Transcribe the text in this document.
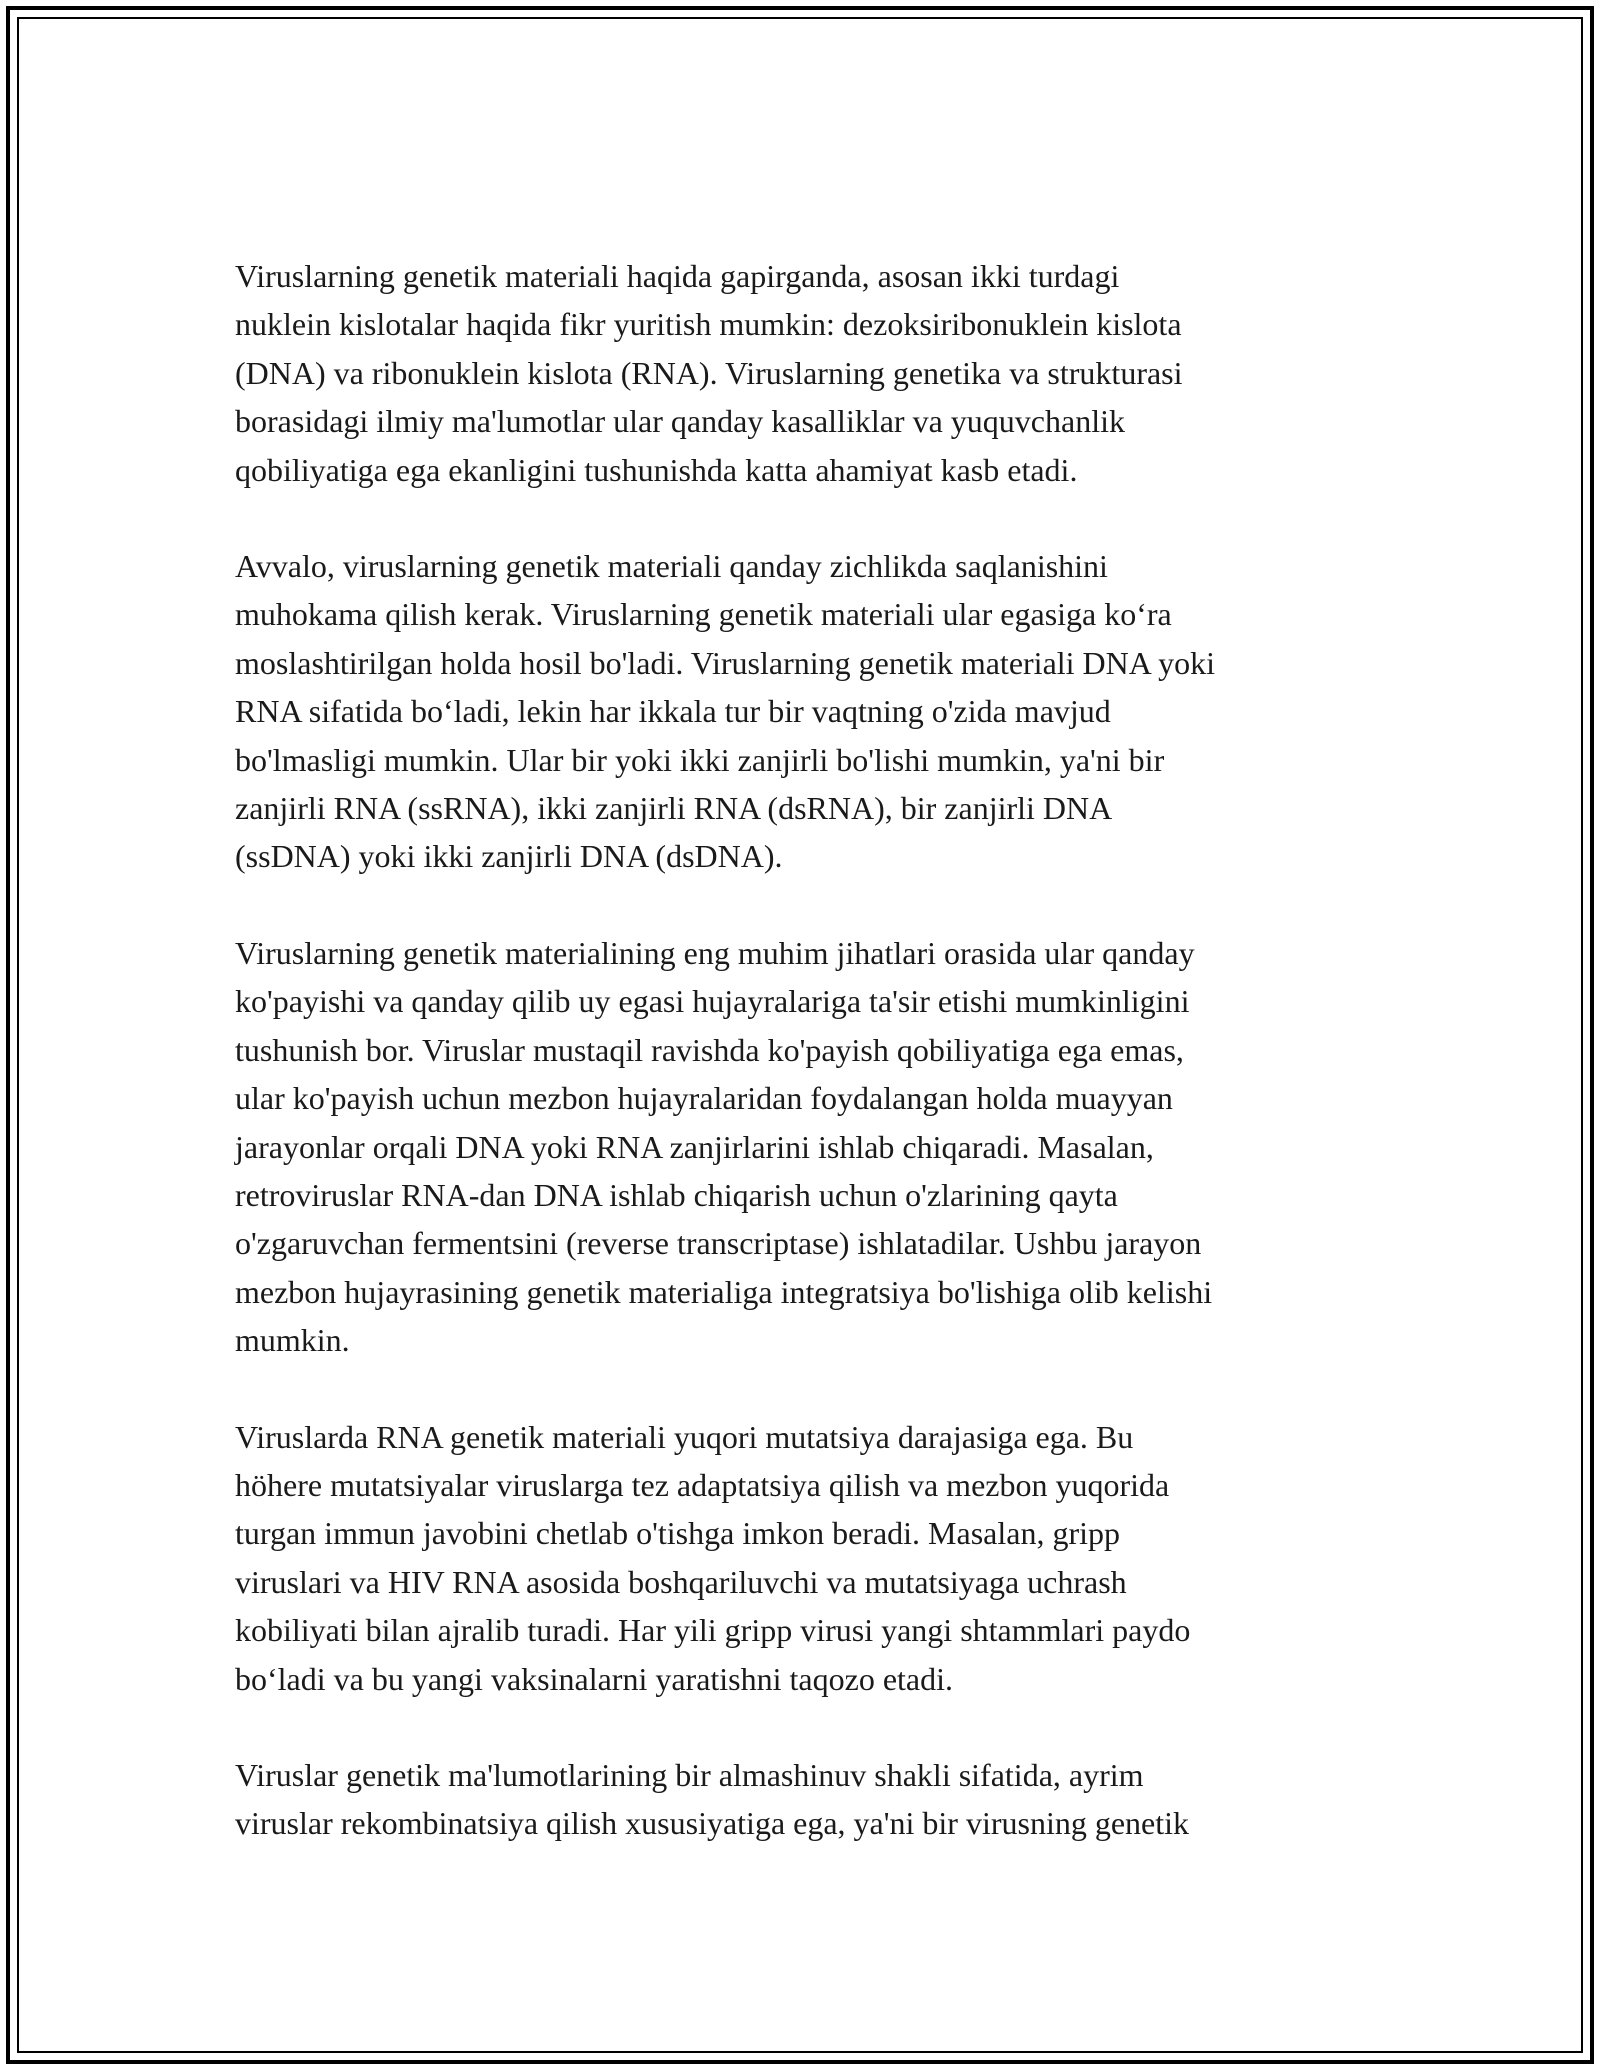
Viruslarning genetik materiali haqida gapirganda, asosan ikki turdagi
nuklein kislotalar haqida fikr yuritish mumkin: dezoksiribonuklein kislota
(DNA) va ribonuklein kislota (RNA). Viruslarning genetika va strukturasi
borasidagi ilmiy ma'lumotlar ular qanday kasalliklar va yuquvchanlik
qobiliyatiga ega ekanligini tushunishda katta ahamiyat kasb etadi.

Avvalo, viruslarning genetik materiali qanday zichlikda saqlanishini
muhokama qilish kerak. Viruslarning genetik materiali ular egasiga koʻra
moslashtirilgan holda hosil bo'ladi. Viruslarning genetik materiali DNA yoki
RNA sifatida boʻladi, lekin har ikkala tur bir vaqtning o'zida mavjud
bo'lmasligi mumkin. Ular bir yoki ikki zanjirli bo'lishi mumkin, ya'ni bir
zanjirli RNA (ssRNA), ikki zanjirli RNA (dsRNA), bir zanjirli DNA
(ssDNA) yoki ikki zanjirli DNA (dsDNA).

Viruslarning genetik materialining eng muhim jihatlari orasida ular qanday
ko'payishi va qanday qilib uy egasi hujayralariga ta'sir etishi mumkinligini
tushunish bor. Viruslar mustaqil ravishda ko'payish qobiliyatiga ega emas,
ular ko'payish uchun mezbon hujayralaridan foydalangan holda muayyan
jarayonlar orqali DNA yoki RNA zanjirlarini ishlab chiqaradi. Masalan,
retroviruslar RNA-dan DNA ishlab chiqarish uchun o'zlarining qayta
o'zgaruvchan fermentsini (reverse transcriptase) ishlatadilar. Ushbu jarayon
mezbon hujayrasining genetik materialiga integratsiya bo'lishiga olib kelishi
mumkin.

Viruslarda RNA genetik materiali yuqori mutatsiya darajasiga ega. Bu
höhere mutatsiyalar viruslarga tez adaptatsiya qilish va mezbon yuqorida
turgan immun javobini chetlab o'tishga imkon beradi. Masalan, gripp
viruslari va HIV RNA asosida boshqariluvchi va mutatsiyaga uchrash
kobiliyati bilan ajralib turadi. Har yili gripp virusi yangi shtammlari paydo
boʻladi va bu yangi vaksinalarni yaratishni taqozo etadi.

Viruslar genetik ma'lumotlarining bir almashinuv shakli sifatida, ayrim
viruslar rekombinatsiya qilish xususiyatiga ega, ya'ni bir virusning genetik
